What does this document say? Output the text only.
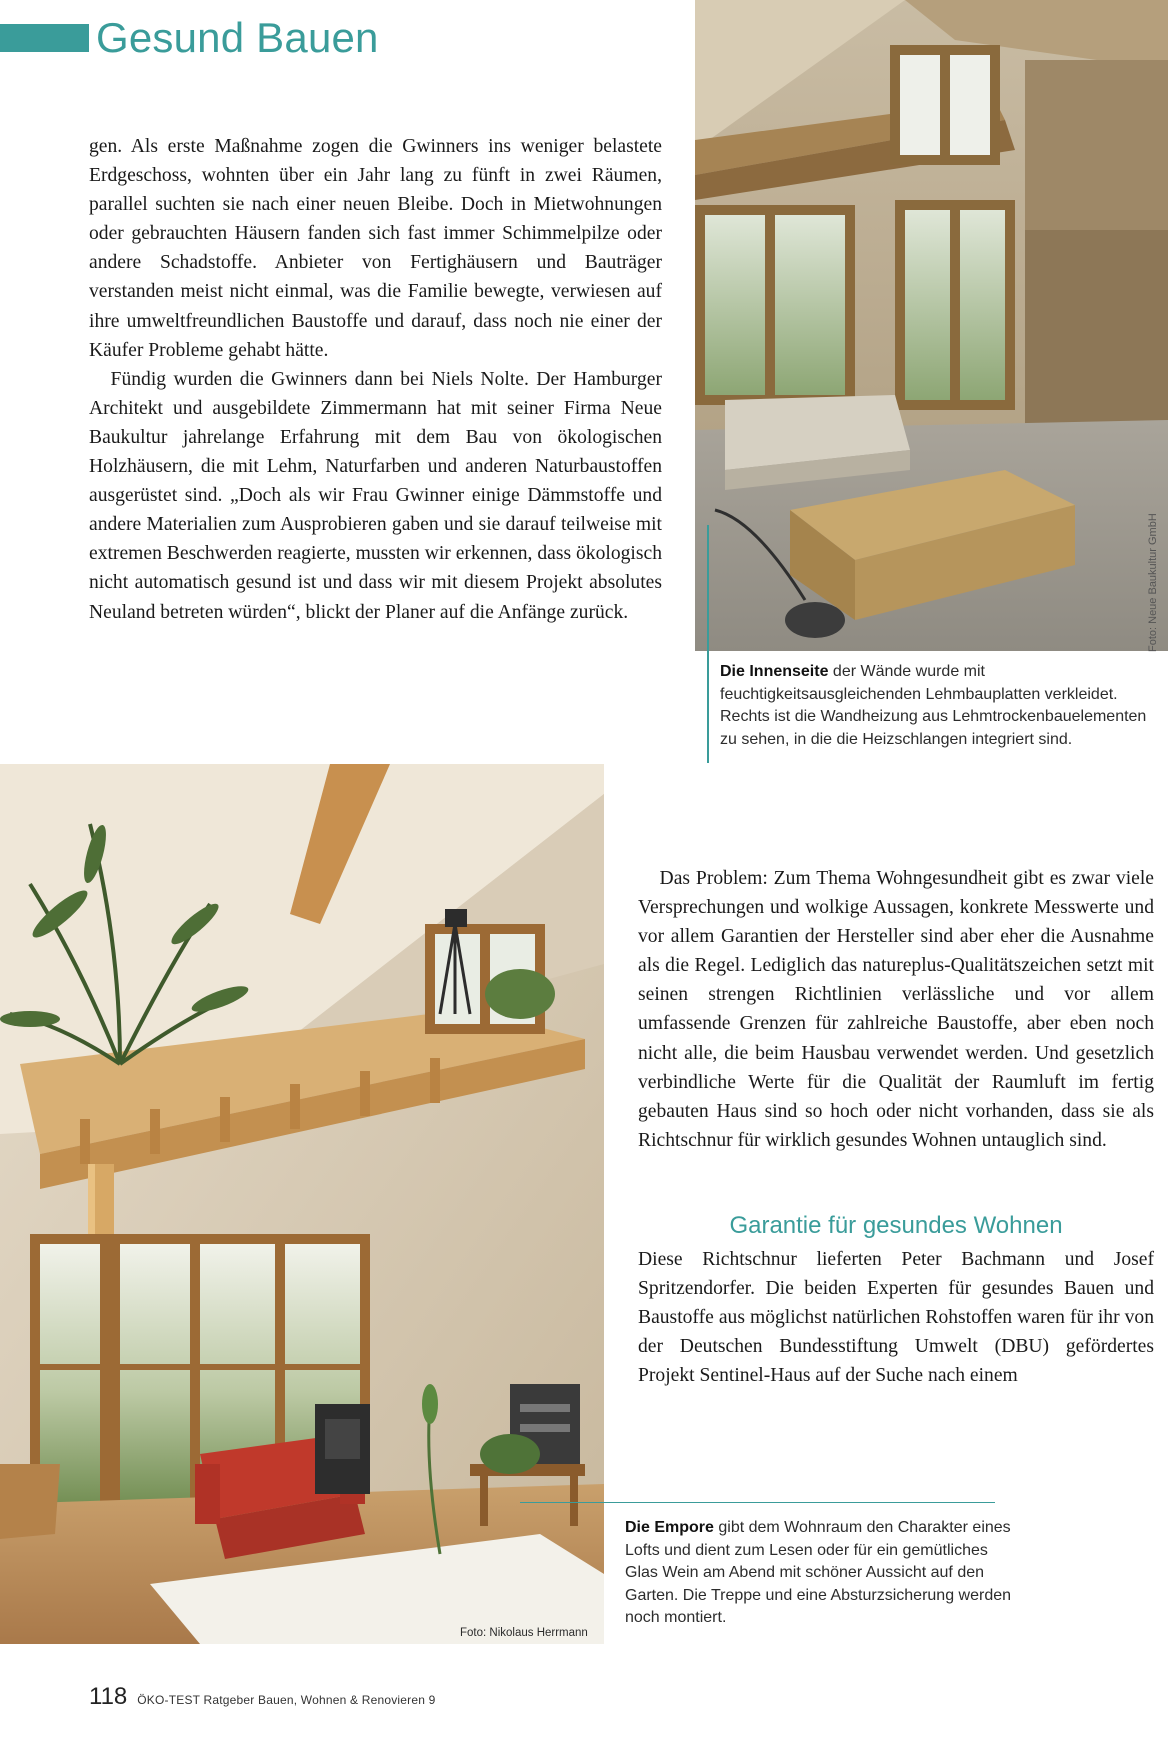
Gesund Bauen

gen. Als erste Maßnahme zogen die Gwinners ins weniger belastete Erdgeschoss, wohnten über ein Jahr lang zu fünft in zwei Räumen, parallel suchten sie nach einer neuen Bleibe. Doch in Mietwohnungen oder gebrauchten Häusern fanden sich fast immer Schimmelpilze oder andere Schadstoffe. Anbieter von Fertighäusern und Bauträger verstanden meist nicht einmal, was die Familie bewegte, verwiesen auf ihre umweltfreundlichen Baustoffe und darauf, dass noch nie einer der Käufer Probleme gehabt hätte.

Fündig wurden die Gwinners dann bei Niels Nolte. Der Hamburger Architekt und ausgebildete Zimmermann hat mit seiner Firma Neue Baukultur jahrelange Erfahrung mit dem Bau von ökologischen Holzhäusern, die mit Lehm, Naturfarben und anderen Naturbaustoffen ausgerüstet sind. „Doch als wir Frau Gwinner einige Dämmstoffe und andere Materialien zum Ausprobieren gaben und sie darauf teilweise mit extremen Beschwerden reagierte, mussten wir erkennen, dass ökologisch nicht automatisch gesund ist und dass wir mit diesem Projekt absolutes Neuland betreten würden“, blickt der Planer auf die Anfänge zurück.	Foto: Neue Baukultur GmbH
Die Innenseite der Wände wurde mit feuchtigkeitsausgleichenden Lehmbauplatten verkleidet. Rechts ist die Wandheizung aus Lehmtrockenbauelementen zu sehen, in die die Heizschlangen integriert sind.
Foto: Nikolaus Herrmann

Das Problem: Zum Thema Wohngesundheit gibt es zwar viele Versprechungen und wolkige Aussagen, konkrete Messwerte und vor allem Garantien der Hersteller sind aber eher die Ausnahme als die Regel. Lediglich das natureplus-Qualitätszeichen setzt mit seinen strengen Richtlinien verlässliche und vor allem umfassende Grenzen für zahlreiche Baustoffe, aber eben noch nicht alle, die beim Hausbau verwendet werden. Und gesetzlich verbindliche Werte für die Qualität der Raumluft im fertig gebauten Haus sind so hoch oder nicht vorhanden, dass sie als Richtschnur für wirklich gesundes Wohnen untauglich sind.

Garantie für gesundes Wohnen

Diese Richtschnur lieferten Peter Bachmann und Josef Spritzendorfer. Die beiden Experten für gesundes Bauen und Baustoffe aus möglichst natürlichen Rohstoffen waren für ihr von der Deutschen Bundesstiftung Umwelt (DBU) gefördertes Projekt Sentinel-Haus auf der Suche nach einem

Die Empore gibt dem Wohnraum den Charakter eines Lofts und dient zum Lesen oder für ein gemütliches Glas Wein am Abend mit schöner Aussicht auf den Garten. Die Treppe und eine Absturzsicherung werden noch montiert.
118 ÖKO-TEST Ratgeber Bauen, Wohnen & Renovieren 9
